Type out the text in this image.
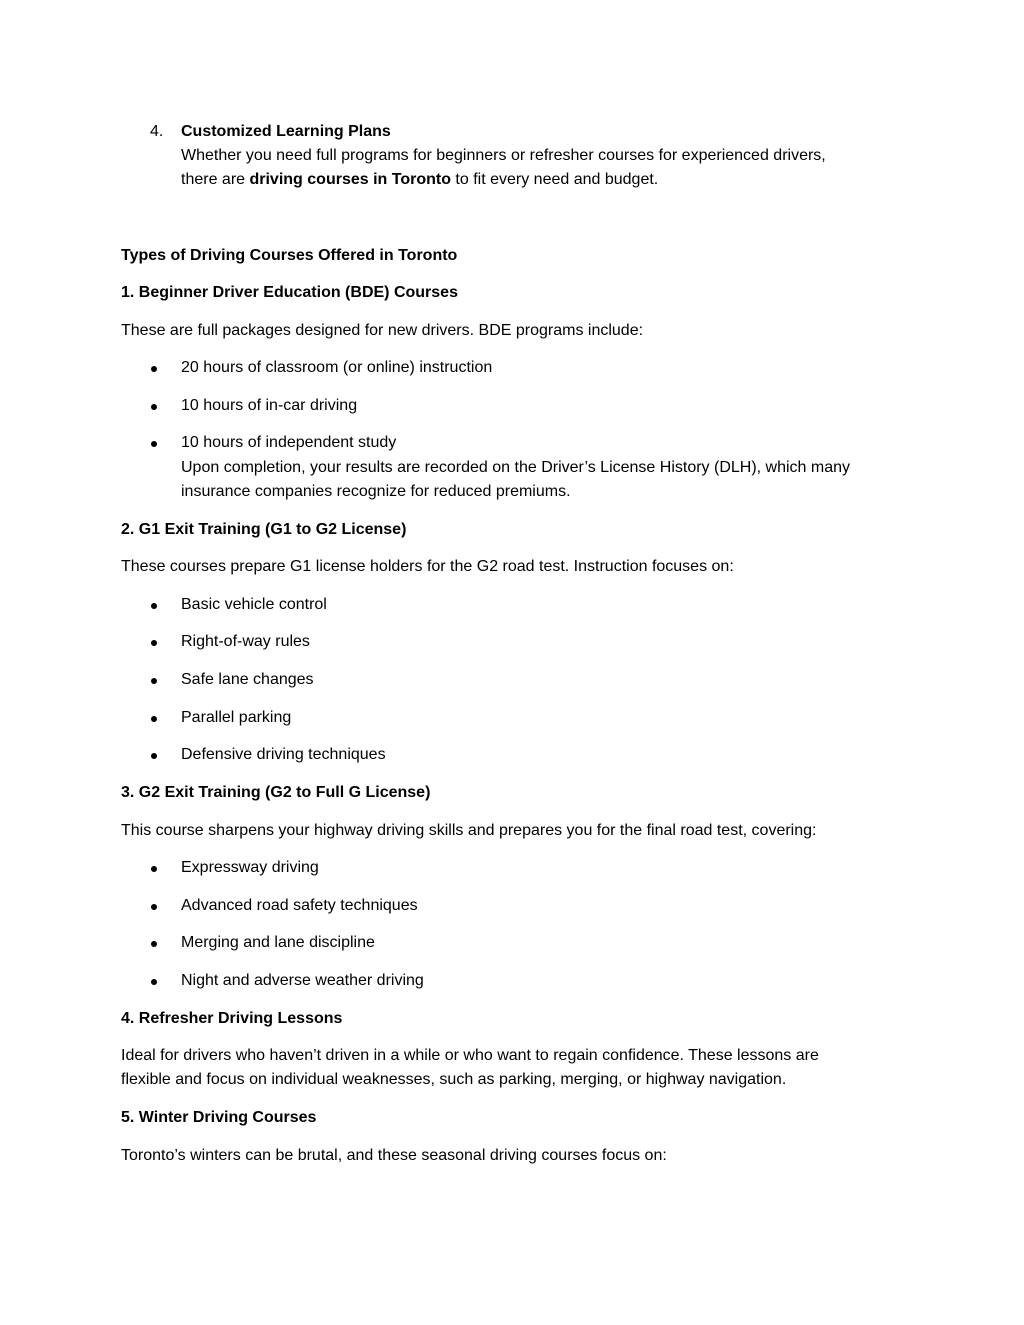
4. Customized Learning Plans
Whether you need full programs for beginners or refresher courses for experienced drivers,
there are driving courses in Toronto to fit every need and budget.
Types of Driving Courses Offered in Toronto
1. Beginner Driver Education (BDE) Courses
These are full packages designed for new drivers. BDE programs include:
20 hours of classroom (or online) instruction
10 hours of in-car driving
10 hours of independent study
Upon completion, your results are recorded on the Driver’s License History (DLH), which many
insurance companies recognize for reduced premiums.
2. G1 Exit Training (G1 to G2 License)
These courses prepare G1 license holders for the G2 road test. Instruction focuses on:
Basic vehicle control
Right-of-way rules
Safe lane changes
Parallel parking
Defensive driving techniques
3. G2 Exit Training (G2 to Full G License)
This course sharpens your highway driving skills and prepares you for the final road test, covering:
Expressway driving
Advanced road safety techniques
Merging and lane discipline
Night and adverse weather driving
4. Refresher Driving Lessons
Ideal for drivers who haven’t driven in a while or who want to regain confidence. These lessons are
flexible and focus on individual weaknesses, such as parking, merging, or highway navigation.
5. Winter Driving Courses
Toronto’s winters can be brutal, and these seasonal driving courses focus on:
